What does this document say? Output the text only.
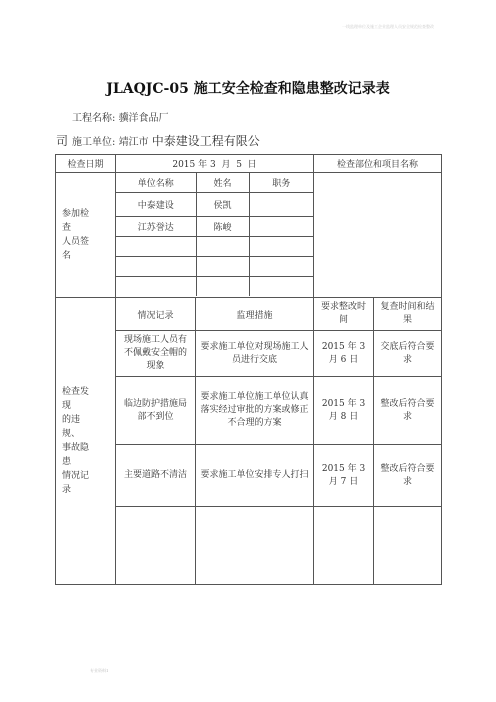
一线监理单位及施工企业监理人员安全规范检查整改
JLAQJC-05 施工安全检查和隐患整改记录表
工程名称: 骥洋食品厂 施工单位: 靖江市 中泰建设工程有限公
司
检查日期	2015 年 3 月 5 日	检查部位和项目名称

参加检
查
人员签
名

单位名称	姓名	职务
中泰建设	侯凯	
江苏誉达	陈峻	

检查发
现
的违
规、
事故隐
患
情况记
录
	情况记录	监理措施	要求整改时间	复查时间和结果
现场施工人员有不佩戴安全帽的现象	要求施工单位对现场施工人员进行交底	2015 年 3 月 6 日	交底后符合要求
临边防护措施局部不到位	要求施工单位施工单位认真落实经过审批的方案或修正不合理的方案	2015 年 3 月 8 日	整改后符合要求
主要道路不清洁	要求施工单位安排专人打扫	2015 年 3 月 7 日	整改后符合要求

专业资料1
